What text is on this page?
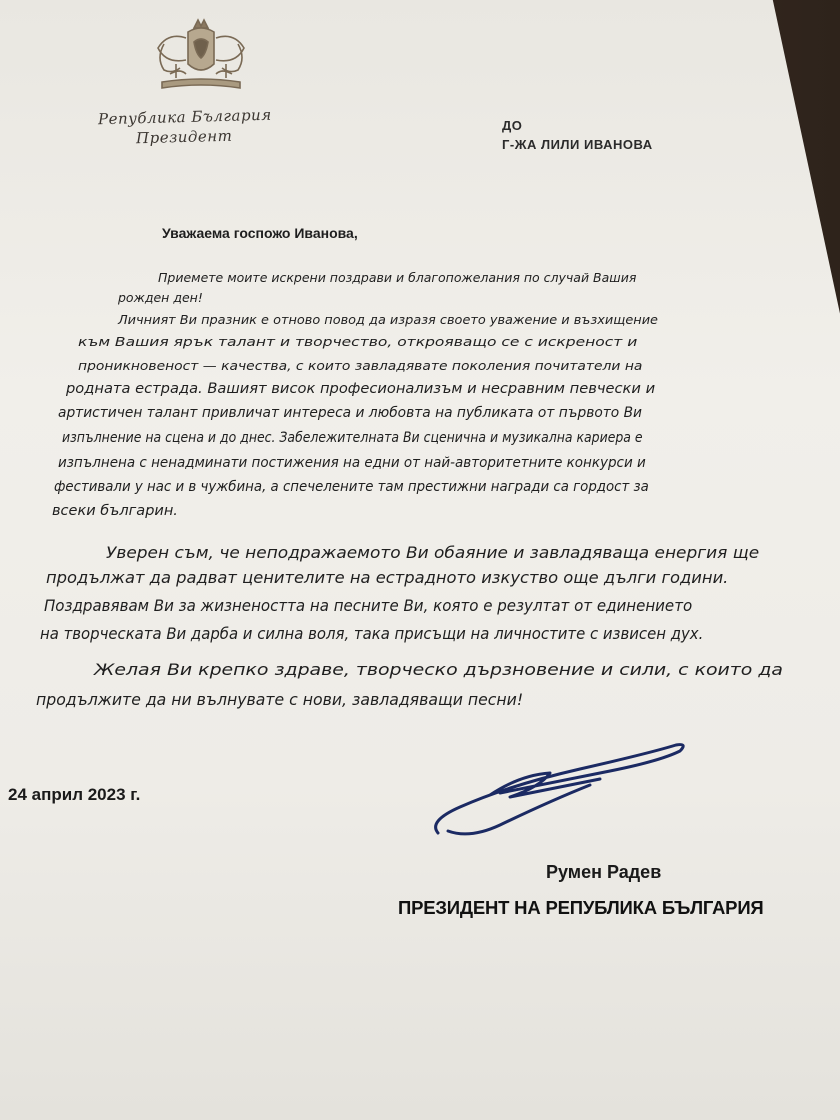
Република България
Президент
ДО
Г-ЖА ЛИЛИ ИВАНОВА
Уважаема госпожо Иванова,
Приемете моите искрени поздрави и благопожелания по случай Вашия
рожден ден!
Личният Ви празник е отново повод да изразя своето уважение и възхищение
към Вашия ярък талант и творчество, открояващо се с искреност и
проникновеност — качества, с които завладявате поколения почитатели на
родната естрада. Вашият висок професионализъм и несравним певчески и
артистичен талант привличат интереса и любовта на публиката от първото Ви
изпълнение на сцена и до днес. Забележителната Ви сценична и музикална кариера е
изпълнена с ненадминати постижения на едни от най-авторитетните конкурси и
фестивали у нас и в чужбина, а спечелените там престижни награди са гордост за
всеки българин.
Уверен съм, че неподражаемото Ви обаяние и завладяваща енергия ще
продължат да радват ценителите на естрадното изкуство още дълги години.
Поздравявам Ви за жизнеността на песните Ви, която е резултат от единението
на творческата Ви дарба и силна воля, така присъщи на личностите с извисен дух.
Желая Ви крепко здраве, творческо дързновение и сили, с които да
продължите да ни вълнувате с нови, завладяващи песни!
24 април 2023 г.
Румен Радев
ПРЕЗИДЕНТ НА РЕПУБЛИКА БЪЛГАРИЯ
